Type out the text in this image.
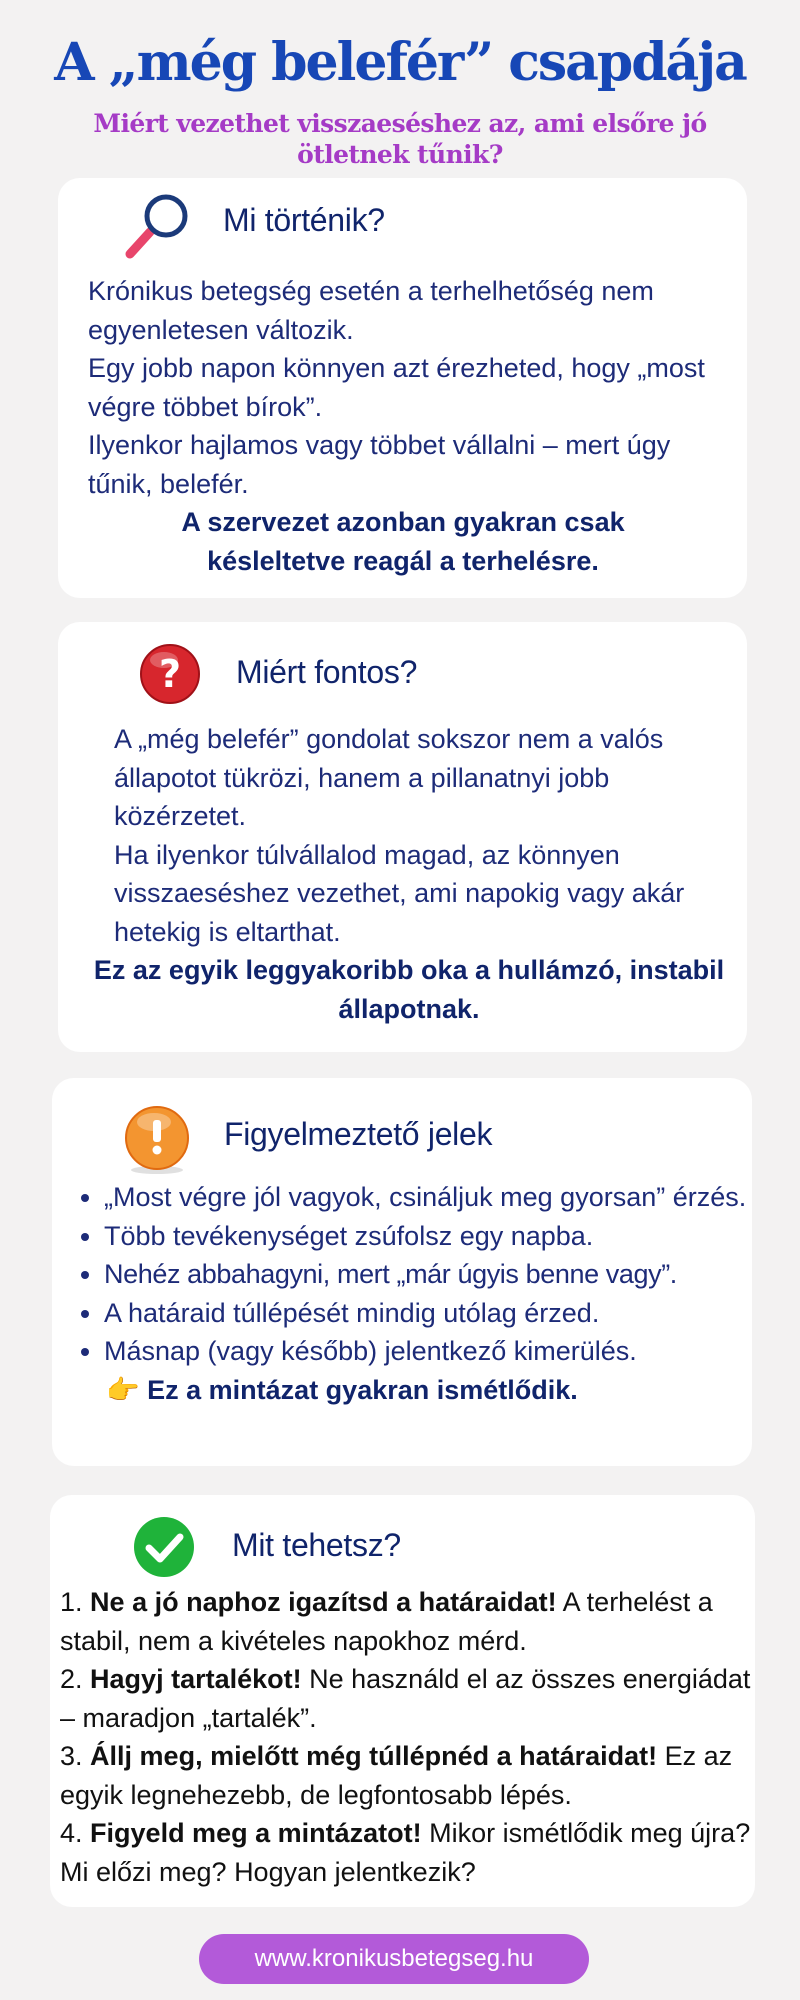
A „még belefér” csapdája
Miért vezethet visszaeséshez az, ami elsőre jó ötletnek tűnik?
Mi történik?

Krónikus betegség esetén a terhelhetőség nem egyenletesen változik.

Egy jobb napon könnyen azt érezheted, hogy „most végre többet bírok”.

Ilyenkor hajlamos vagy többet vállalni – mert úgy tűnik, belefér.

A szervezet azonban gyakran csak késleltetve reagál a terhelésre.

? Miért fontos?

A „még belefér” gondolat sokszor nem a valós állapotot tükrözi, hanem a pillanatnyi jobb közérzetet.

Ha ilyenkor túlvállalod magad, az könnyen visszaeséshez vezethet, ami napokig vagy akár hetekig is eltarthat.

Ez az egyik leggyakoribb oka a hullámzó, instabil állapotnak.

Figyelmeztető jelek
• „Most végre jól vagyok, csináljuk meg gyorsan” érzés.
• Több tevékenységet zsúfolsz egy napba.
• Nehéz abbahagyni, mert „már úgyis benne vagy”.
• A határaid túllépését mindig utólag érzed.
• Másnap (vagy később) jelentkező kimerülés.

👉 Ez a mintázat gyakran ismétlődik.

Mit tehetsz?

1. Ne a jó naphoz igazítsd a határaidat! A terhelést a stabil, nem a kivételes napokhoz mérd.

2. Hagyj tartalékot! Ne használd el az összes energiádat – maradjon „tartalék”.

3. Állj meg, mielőtt még túllépnéd a határaidat! Ez az egyik legnehezebb, de legfontosabb lépés.

4. Figyeld meg a mintázatot! Mikor ismétlődik meg újra? Mi előzi meg? Hogyan jelentkezik?

www.kronikusbetegseg.hu
